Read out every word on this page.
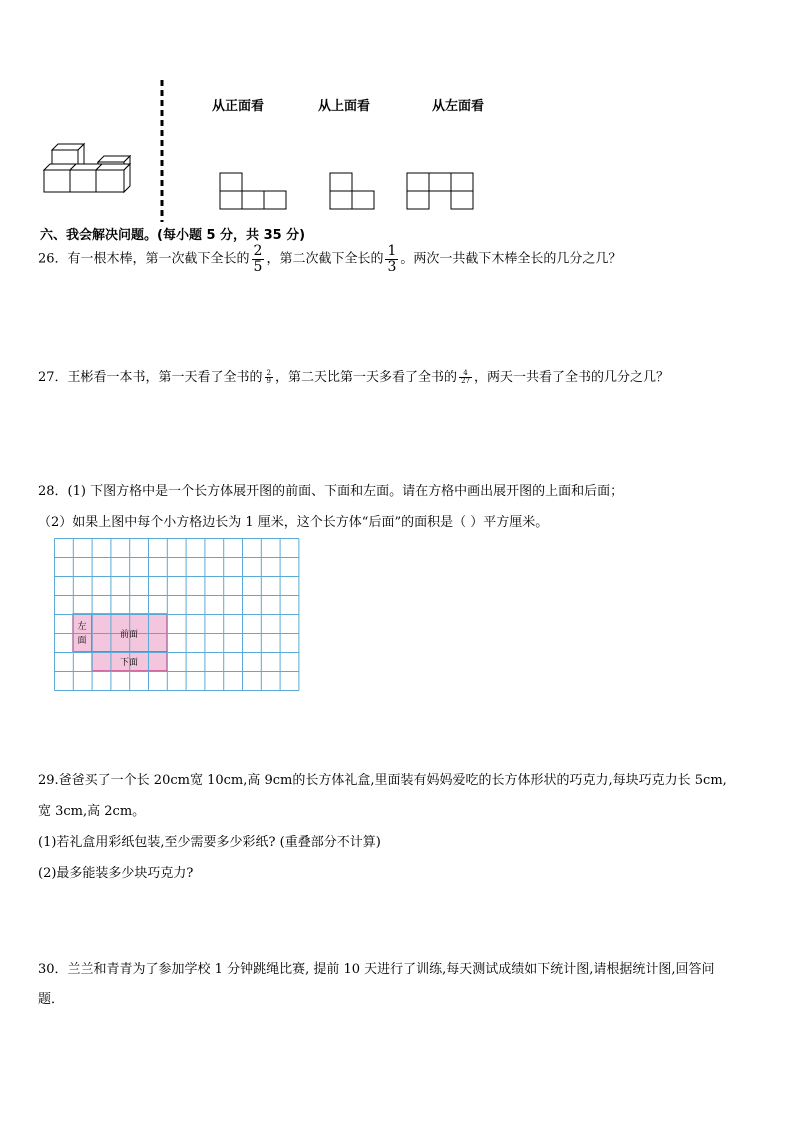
从正面看	从上面看	从左面看
六、我会解决问题。(每小题 5 分，共 35 分)
26．有一根木棒，第一次截下全长的 $\frac{2}{5}$ ，第二次截下全长的 $\frac{1}{3}$ 。两次一共截下木棒全长的几分之几？
27．王彬看一本书，第一天看了全书的 $\frac{2}{9}$ ，第二天比第一天多看了全书的 $\frac{4}{27}$ ，两天一共看了全书的几分之几？
28．(1) 下图方格中是一个长方体展开图的前面、下面和左面。请在方格中画出展开图的上面和后面；
（2）如果上图中每个小方格边长为 1 厘米，这个长方体“后面”的面积是（ ）平方厘米。
左
面
前面
下面
29.爸爸买了一个长 20cm宽 10cm,高 9cm的长方体礼盒,里面装有妈妈爱吃的长方体形状的巧克力,每块巧克力长 5cm,
宽 3cm,高 2cm。
(1)若礼盒用彩纸包装,至少需要多少彩纸? (重叠部分不计算)
(2)最多能装多少块巧克力?
30．兰兰和青青为了参加学校 1 分钟跳绳比赛, 提前 10 天进行了训练,每天测试成绩如下统计图,请根据统计图,回答问
题．
